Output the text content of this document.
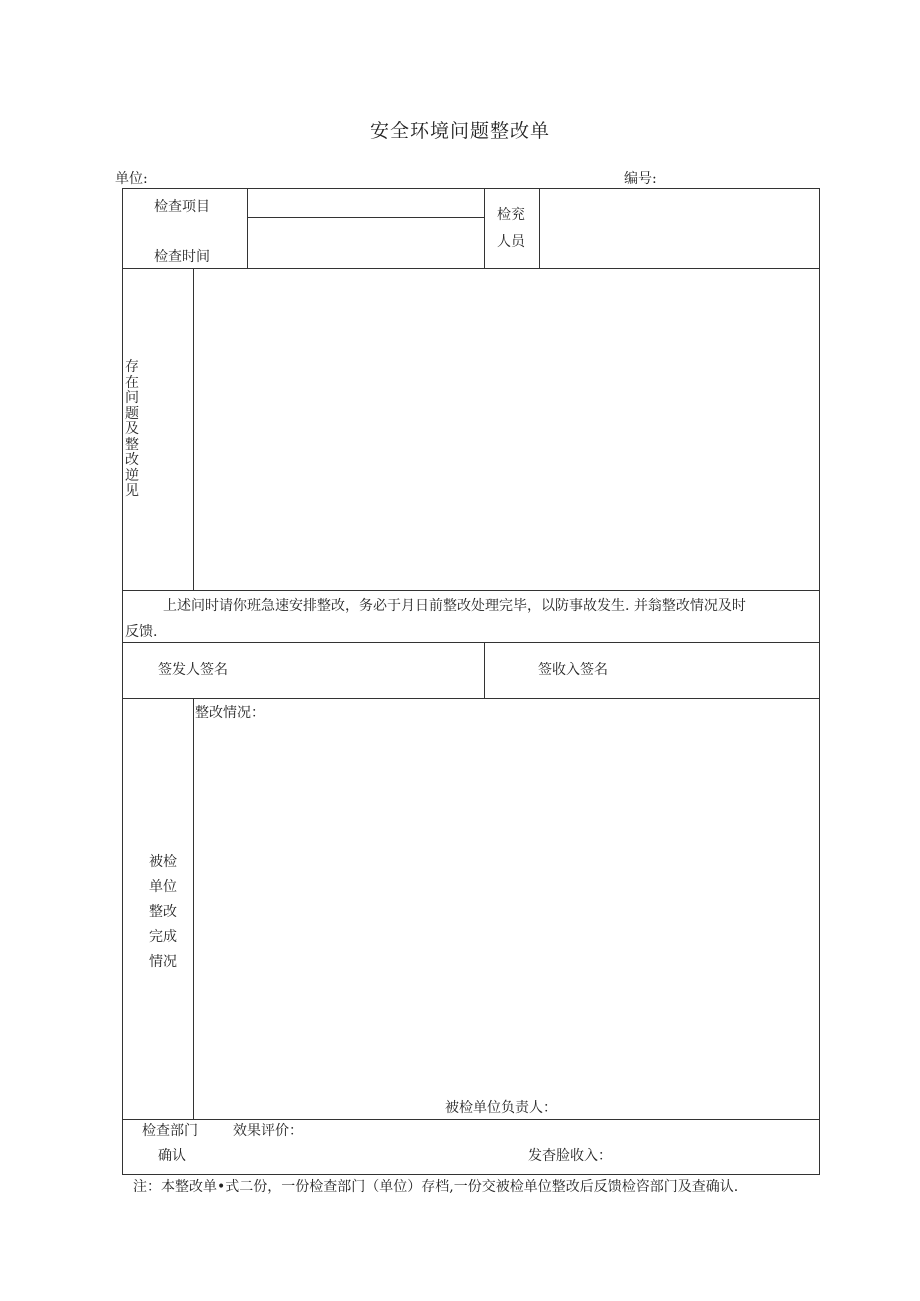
安全环境问题整改单
单位:	编号:
检查项目
检查时间
检兖
人员
存在问题及整改逆见
上述问时请你班急速安排整改，务必于月日前整改处理完毕，以防事故发生. 并翁整改情况及时
反馈.
签发人签名	签收入签名
被检
单位
整改
完成
情况
整改情况：
被检单位负责人：
检查部门
确认
效果评价：
发杳脸收入：
注：本整改单•式二份，一份检查部门（单位）存档,一份交被检单位整改后反馈检咨部门及查确认.
